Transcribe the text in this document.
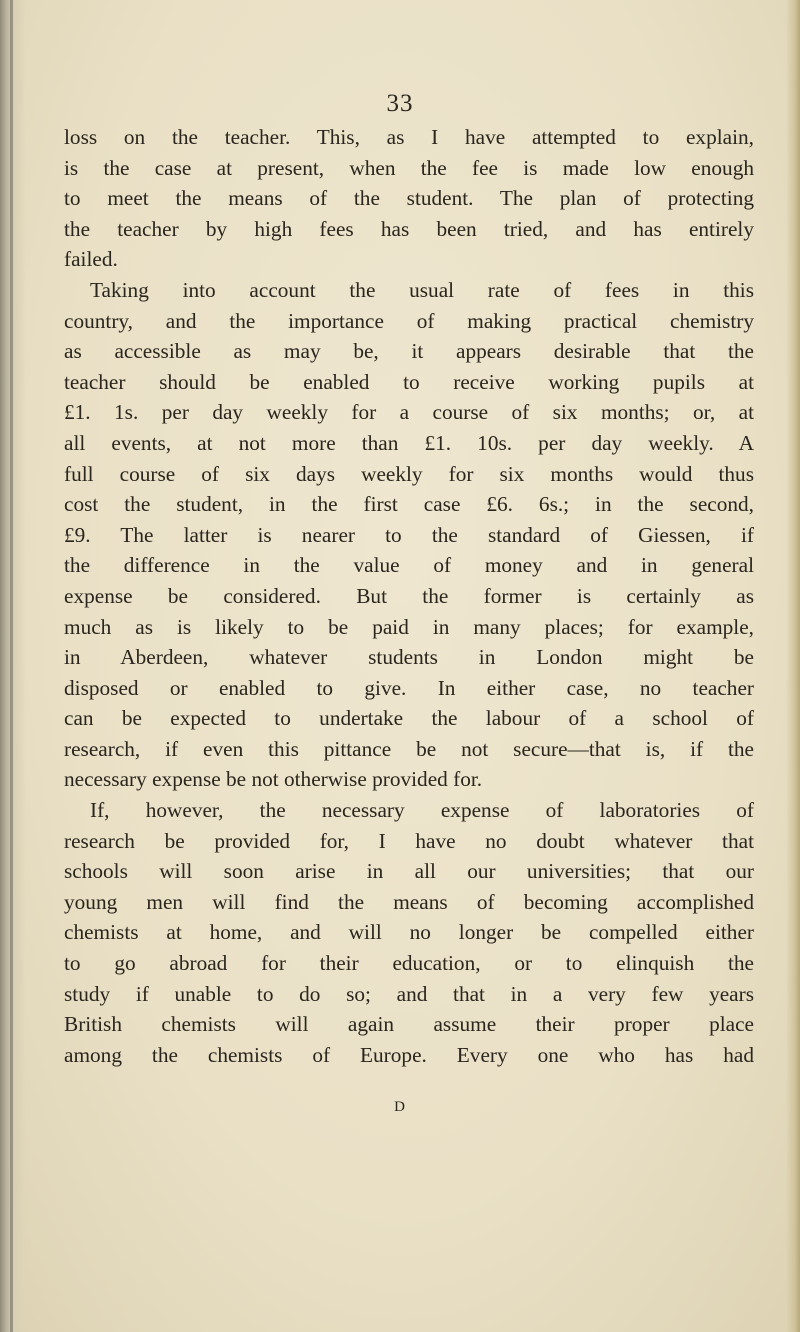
33
loss on the teacher. This, as I have attempted to explain,
is the case at present, when the fee is made low enough
to meet the means of the student. The plan of protecting
the teacher by high fees has been tried, and has entirely
failed.
Taking into account the usual rate of fees in this
country, and the importance of making practical chemistry
as accessible as may be, it appears desirable that the
teacher should be enabled to receive working pupils at
£1. 1s. per day weekly for a course of six months; or, at
all events, at not more than £1. 10s. per day weekly. A
full course of six days weekly for six months would thus
cost the student, in the first case £6. 6s.; in the second,
£9. The latter is nearer to the standard of Giessen, if
the difference in the value of money and in general
expense be considered. But the former is certainly as
much as is likely to be paid in many places; for example,
in Aberdeen, whatever students in London might be
disposed or enabled to give. In either case, no teacher
can be expected to undertake the labour of a school of
research, if even this pittance be not secure—that is, if the
necessary expense be not otherwise provided for.
If, however, the necessary expense of laboratories of
research be provided for, I have no doubt whatever that
schools will soon arise in all our universities; that our
young men will find the means of becoming accomplished
chemists at home, and will no longer be compelled either
to go abroad for their education, or to elinquish the
study if unable to do so; and that in a very few years
British chemists will again assume their proper place
among the chemists of Europe. Every one who has had
D
